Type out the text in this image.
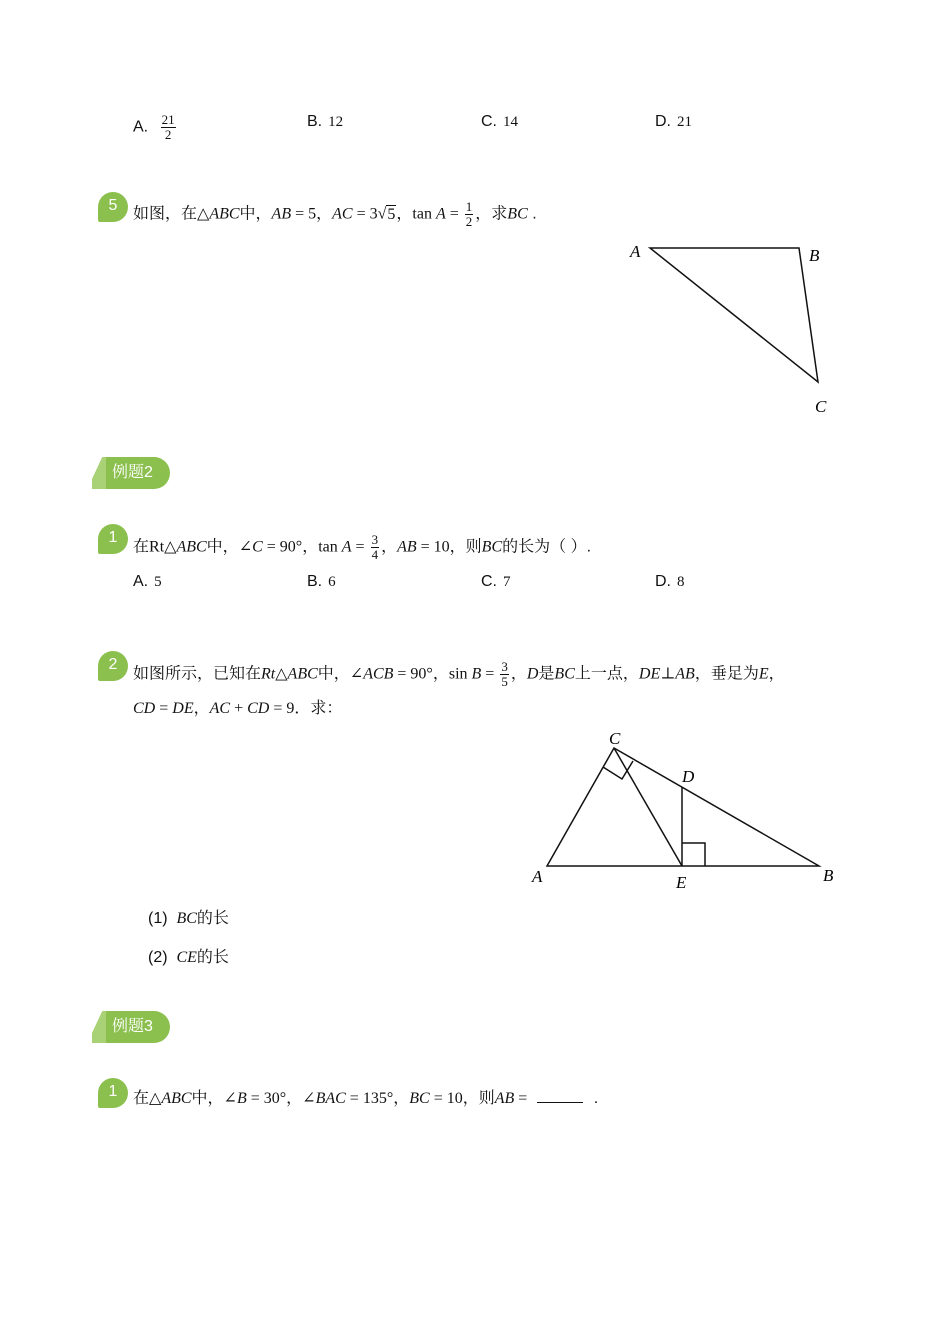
A. $\frac{21}{2}$	B. 12	C. 14	D. 21
5
如图，在△ABC中，AB = 5，AC = 3√5，$\tan A = \frac{1}{2}$ ，求BC .
A	B
C
例题2
1
在Rt△ABC中，∠C = 90°，$\tan A = \frac{3}{4}$ ，AB = 10，则BC的长为（ ）.
A. 5	B. 6	C. 7	D. 8
2
如图所示，已知在Rt△ABC中，∠ACB = 90°，$\sin B = \frac{3}{5}$ ，D是BC上一点，DE⊥AB，垂足为E，
CD = DE，AC + CD = 9．求：
C
D
A	E	B
(1) BC的长
(2) CE的长
例题3
1 在△ABC中，∠B = 30°，∠BAC = 135°，BC = 10，则AB =	.
